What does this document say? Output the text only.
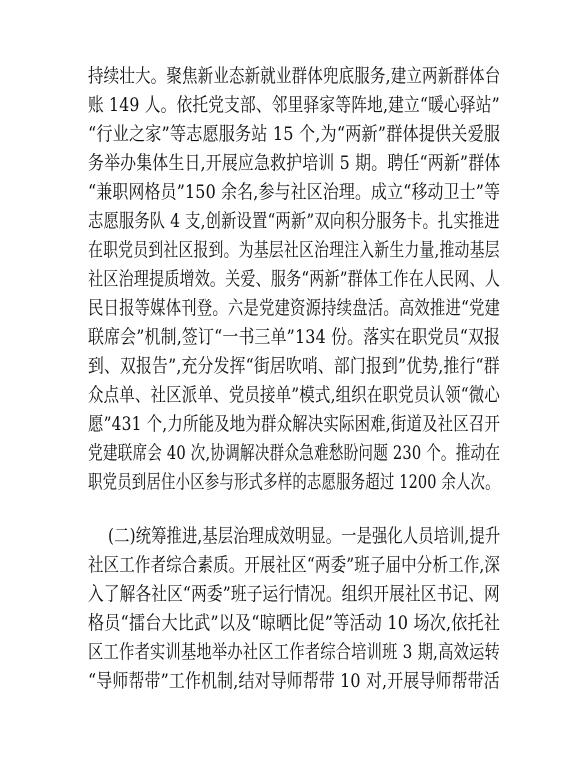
持续壮大。聚焦新业态新就业群体兜底服务,建立两新群体台
账 149 人。依托党支部、邻里驿家等阵地,建立“暖心驿站”
“行业之家”等志愿服务站 15 个,为“两新”群体提供关爱服
务举办集体生日,开展应急救护培训 5 期。聘任“两新”群体
“兼职网格员”150 余名,参与社区治理。成立“移动卫士”等
志愿服务队 4 支,创新设置“两新”双向积分服务卡。扎实推进
在职党员到社区报到。为基层社区治理注入新生力量,推动基层
社区治理提质增效。关爱、服务“两新”群体工作在人民网、人
民日报等媒体刊登。六是党建资源持续盘活。高效推进“党建
联席会”机制,签订“一书三单”134 份。落实在职党员“双报
到、双报告”,充分发挥“街居吹哨、部门报到”优势,推行“群
众点单、社区派单、党员接单”模式,组织在职党员认领“微心
愿”431 个,力所能及地为群众解决实际困难,街道及社区召开
党建联席会 40 次,协调解决群众急难愁盼问题 230 个。推动在
职党员到居住小区参与形式多样的志愿服务超过 1200 余人次。
(二)统筹推进,基层治理成效明显。一是强化人员培训,提升
社区工作者综合素质。开展社区“两委”班子届中分析工作,深
入了解各社区“两委”班子运行情况。组织开展社区书记、网
格员“擂台大比武”以及“晾晒比促”等活动 10 场次,依托社
区工作者实训基地举办社区工作者综合培训班 3 期,高效运转
“导师帮带”工作机制,结对导师帮带 10 对,开展导师帮带活
